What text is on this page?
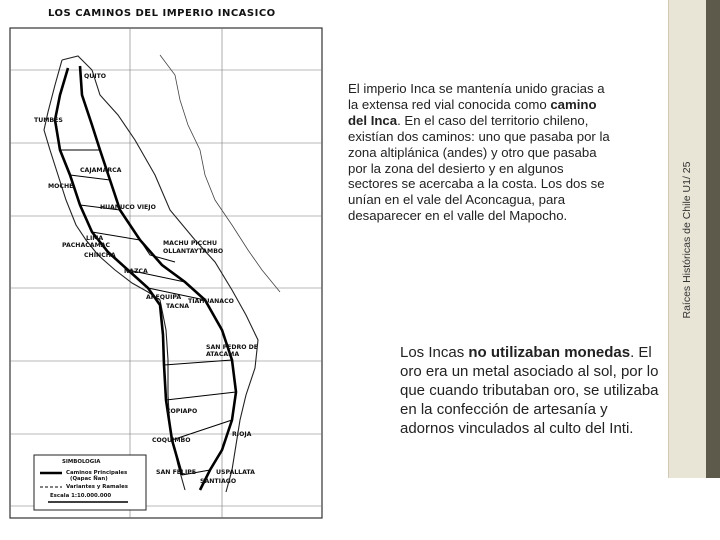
LOS CAMINOS DEL IMPERIO INCASICO
QUITO
TUMBES
CAJAMARCA
MOCHE
HUANUCO VIEJO
LIMA
PACHACAMAC	MACHU PICCHU
OLLANTAYTAMBO
CHINCHA
NAZCA
AREQUIPA
TIAHUANACO
TACNA
SAN PEDRO DE
ATACAMA
COPIAPO
RIOJA
COQUIMBO
SAN FELIPE	USPALLATA
SANTIAGO
SIMBOLOGIA
Caminos Principales
(Qapac Ñan)
Variantes y Ramales
Escala 1:10.000.000
El imperio Inca se mantenía unido gracias a la extensa red vial conocida como camino del Inca. En el caso del territorio chileno, existían dos caminos: uno que pasaba por la zona altiplánica (andes) y otro que pasaba por la zona del desierto y en algunos sectores se acercaba a la costa. Los dos se unían en el vale del Aconcagua, para desaparecer en el valle del Mapocho.
Los Incas no utilizaban monedas. El oro era un metal asociado al sol, por lo que cuando tributaban oro, se utilizaba en la confección de artesanía y adornos vinculados al culto del Inti.
Raíces Históricas de Chile U1/ 25
